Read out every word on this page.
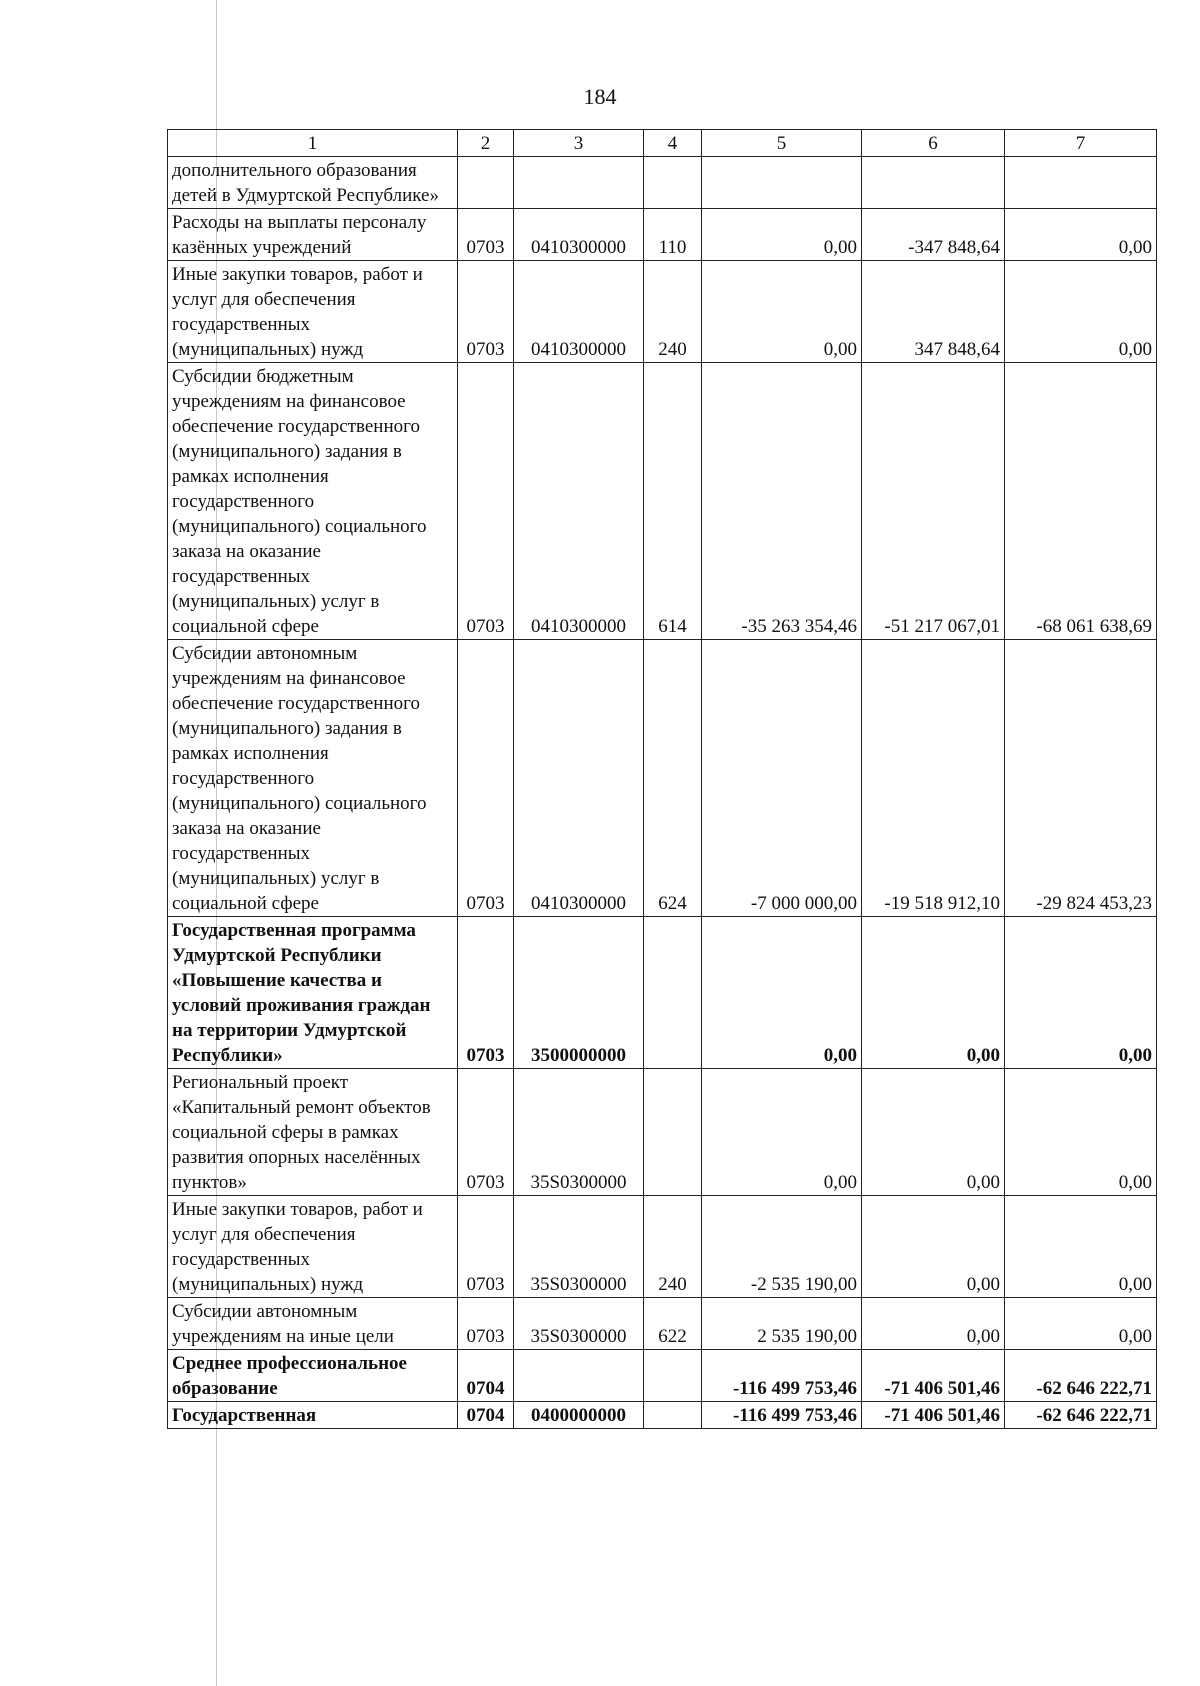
184
1	2	3	4	5	6	7
дополнительного образования детей в Удмуртской Республике»						
Расходы на выплаты персоналу казённых учреждений	0703	0410300000	110	0,00	-347 848,64	0,00
Иные закупки товаров, работ и услуг для обеспечения государственных (муниципальных) нужд	0703	0410300000	240	0,00	347 848,64	0,00
Субсидии бюджетным учреждениям на финансовое обеспечение государственного (муниципального) задания в рамках исполнения государственного (муниципального) социального заказа на оказание государственных (муниципальных) услуг в социальной сфере	0703	0410300000	614	-35 263 354,46	-51 217 067,01	-68 061 638,69
Субсидии автономным учреждениям на финансовое обеспечение государственного (муниципального) задания в рамках исполнения государственного (муниципального) социального заказа на оказание государственных (муниципальных) услуг в социальной сфере	0703	0410300000	624	-7 000 000,00	-19 518 912,10	-29 824 453,23
Государственная программа Удмуртской Республики «Повышение качества и условий проживания граждан на территории Удмуртской Республики»	0703	3500000000		0,00	0,00	0,00
Региональный проект «Капитальный ремонт объектов социальной сферы в рамках развития опорных населённых пунктов»	0703	35S0300000		0,00	0,00	0,00
Иные закупки товаров, работ и услуг для обеспечения государственных (муниципальных) нужд	0703	35S0300000	240	-2 535 190,00	0,00	0,00
Субсидии автономным учреждениям на иные цели	0703	35S0300000	622	2 535 190,00	0,00	0,00
Среднее профессиональное образование	0704			-116 499 753,46	-71 406 501,46	-62 646 222,71
Государственная	0704	0400000000		-116 499 753,46	-71 406 501,46	-62 646 222,71
